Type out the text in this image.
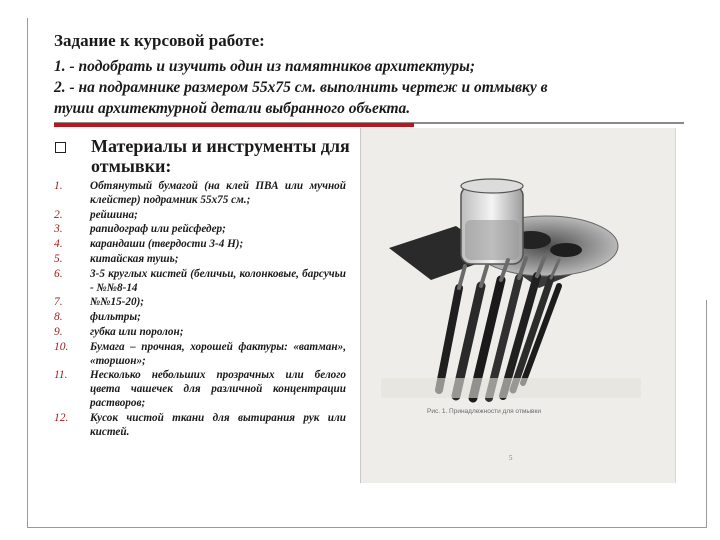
Задание к курсовой работе:
1. - подобрать и изучить один из памятников архитектуры;
2. - на подрамнике размером 55х75 см. выполнить чертеж и отмывку в
туши архитектурной детали выбранного объекта.
Материалы и инструменты для отмывки:
1. Обтянутый бумагой (на клей ПВА или мучной клейстер) подрамник 55х75 см.;
2. рейшина;
3. рапидограф или рейсфедер;
4. карандаши (твердости 3-4 Н);
5. китайская тушь;
6. 3-5 круглых кистей (беличьи, колонковые, барсучьи - №№8-14
7. №№15-20);
8. фильтры;
9. губка или поролон;
10. Бумага – прочная, хорошей фактуры: «ватман», «торшон»;
11. Несколько небольших прозрачных или белого цвета чашечек для различной концентрации растворов;
12. Кусок чистой ткани для вытирания рук или кистей.
Рис. 1. Принадлежности для отмывки
5
